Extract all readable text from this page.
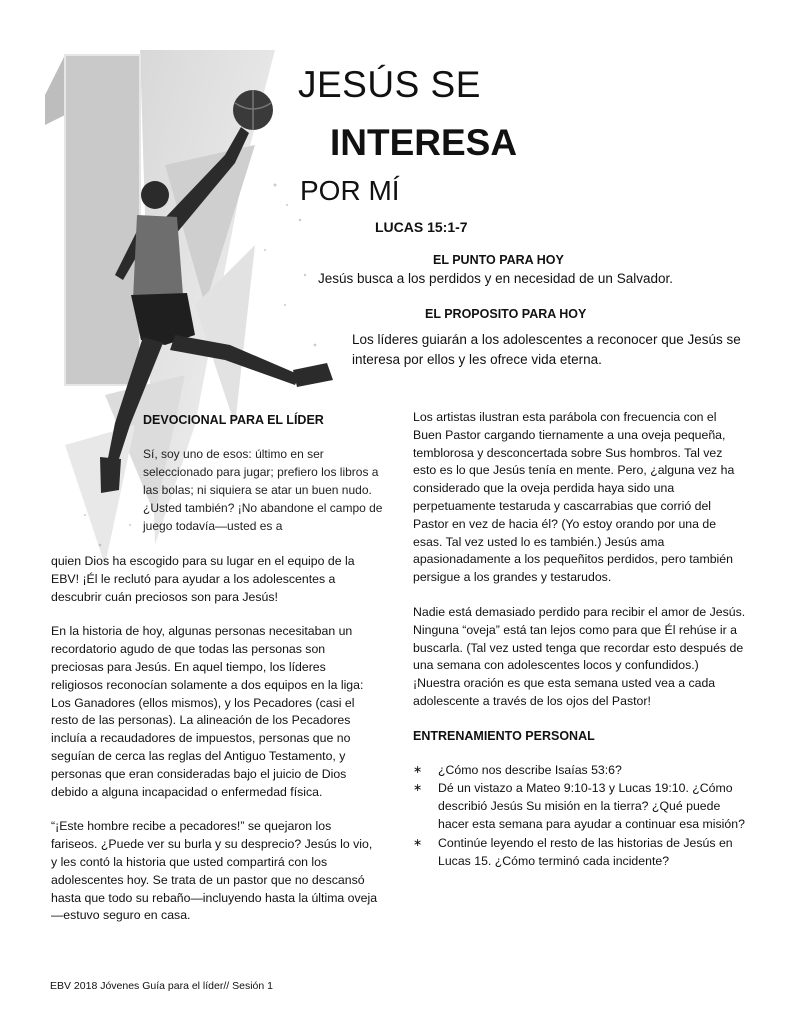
JESÚS SE
INTERESA
POR MÍ
LUCAS 15:1-7
EL PUNTO PARA HOY
Jesús busca a los perdidos y en necesidad de un Salvador.
EL PROPOSITO PARA HOY
Los líderes guiarán a los adolescentes a reconocer que Jesús se interesa por ellos y les ofrece vida eterna.
DEVOCIONAL PARA EL LÍDER
Sí, soy uno de esos: último en ser seleccionado para jugar; prefiero los libros a las bolas; ni siquiera se atar un buen nudo. ¿Usted también? ¡No abandone el campo de juego todavía—usted es a

quien Dios ha escogido para su lugar en el equipo de la EBV! ¡Él le reclutó para ayudar a los adolescentes a descubrir cuán preciosos son para Jesús!

En la historia de hoy, algunas personas necesitaban un recordatorio agudo de que todas las personas son preciosas para Jesús. En aquel tiempo, los líderes religiosos reconocían solamente a dos equipos en la liga: Los Ganadores (ellos mismos), y los Pecadores (casi el resto de las personas). La alineación de los Pecadores incluía a recaudadores de impuestos, personas que no seguían de cerca las reglas del Antiguo Testamento, y personas que eran consideradas bajo el juicio de Dios debido a alguna incapacidad o enfermedad física.

“¡Este hombre recibe a pecadores!” se quejaron los fariseos. ¿Puede ver su burla y su desprecio? Jesús lo vio, y les contó la historia que usted compartirá con los adolescentes hoy. Se trata de un pastor que no descansó hasta que todo su rebaño—incluyendo hasta la última oveja—estuvo seguro en casa.

Los artistas ilustran esta parábola con frecuencia con el Buen Pastor cargando tiernamente a una oveja pequeña, temblorosa y desconcertada sobre Sus hombros. Tal vez esto es lo que Jesús tenía en mente. Pero, ¿alguna vez ha considerado que la oveja perdida haya sido una perpetuamente testaruda y cascarrabias que corrió del Pastor en vez de hacia él? (Yo estoy orando por una de esas. Tal vez usted lo es también.) Jesús ama apasionadamente a los pequeñitos perdidos, pero también persigue a los grandes y testarudos.

Nadie está demasiado perdido para recibir el amor de Jesús. Ninguna “oveja” está tan lejos como para que Él rehúse ir a buscarla. (Tal vez usted tenga que recordar esto después de una semana con adolescentes locos y confundidos.) ¡Nuestra oración es que esta semana usted vea a cada adolescente a través de los ojos del Pastor!

ENTRENAMIENTO PERSONAL
∗ ¿Cómo nos describe Isaías 53:6?
∗ Dé un vistazo a Mateo 9:10-13 y Lucas 19:10. ¿Cómo describió Jesús Su misión en la tierra? ¿Qué puede hacer esta semana para ayudar a continuar esa misión?
∗ Continúe leyendo el resto de las historias de Jesús en Lucas 15. ¿Cómo terminó cada incidente?
EBV 2018 Jóvenes Guía para el líder// Sesión 1
